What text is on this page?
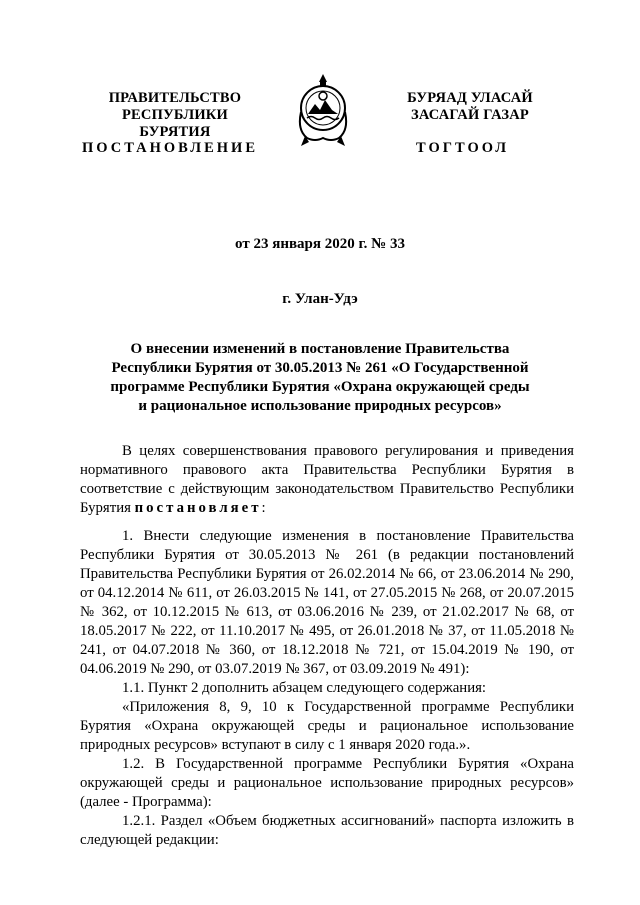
ПРАВИТЕЛЬСТВО
РЕСПУБЛИКИ БУРЯТИЯ
БУРЯАД УЛАСАЙ
ЗАСАГАЙ ГАЗАР
ПОСТАНОВЛЕНИЕ	ТОГТООЛ
от 23 января 2020 г. № 33
г. Улан-Удэ
О внесении изменений в постановление Правительства
Республики Бурятия от 30.05.2013 № 261 «О Государственной
программе Республики Бурятия «Охрана окружающей среды
и рациональное использование природных ресурсов»

В целях совершенствования правового регулирования и приведения нормативного правового акта Правительства Республики Бурятия в соответствие с действующим законодательством Правительство Республики Бурятия постановляет:

1. Внести следующие изменения в постановление Правительства Республики Бурятия от 30.05.2013 № 261 (в редакции постановлений Правительства Республики Бурятия от 26.02.2014 № 66, от 23.06.2014 № 290, от 04.12.2014 № 611, от 26.03.2015 № 141, от 27.05.2015 № 268, от 20.07.2015 № 362, от 10.12.2015 № 613, от 03.06.2016 № 239, от 21.02.2017 № 68, от 18.05.2017 № 222, от 11.10.2017 № 495, от 26.01.2018 № 37, от 11.05.2018 № 241, от 04.07.2018 № 360, от 18.12.2018 № 721, от 15.04.2019 № 190, от 04.06.2019 № 290, от 03.07.2019 № 367, от 03.09.2019 № 491):

1.1. Пункт 2 дополнить абзацем следующего содержания:

«Приложения 8, 9, 10 к Государственной программе Республики Бурятия «Охрана окружающей среды и рациональное использование природных ресурсов» вступают в силу с 1 января 2020 года.».

1.2. В Государственной программе Республики Бурятия «Охрана окружающей среды и рациональное использование природных ресурсов» (далее - Программа):

1.2.1. Раздел «Объем бюджетных ассигнований» паспорта изложить в следующей редакции:
